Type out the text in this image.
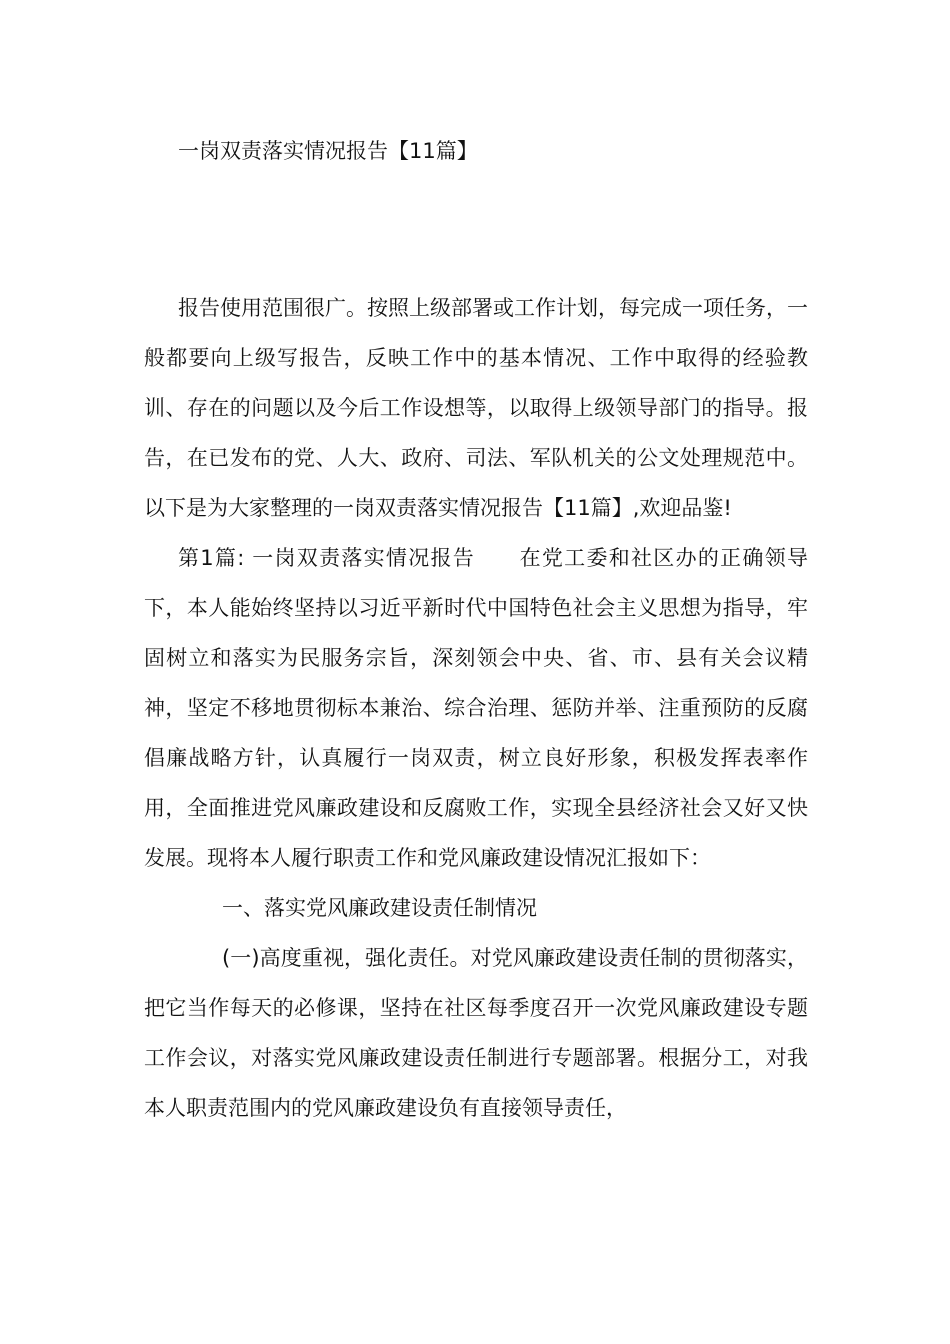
一岗双责落实情况报告【11篇】

报告使用范围很广。按照上级部署或工作计划，每完成一项任务，一般都要向上级写报告，反映工作中的基本情况、工作中取得的经验教训、存在的问题以及今后工作设想等，以取得上级领导部门的指导。报告，在已发布的党、人大、政府、司法、军队机关的公文处理规范中。以下是为大家整理的一岗双责落实情况报告【11篇】,欢迎品鉴!

第1篇: 一岗双责落实情况报告　　在党工委和社区办的正确领导下，本人能始终坚持以习近平新时代中国特色社会主义思想为指导，牢固树立和落实为民服务宗旨，深刻领会中央、省、市、县有关会议精神，坚定不移地贯彻标本兼治、综合治理、惩防并举、注重预防的反腐倡廉战略方针，认真履行一岗双责，树立良好形象，积极发挥表率作用，全面推进党风廉政建设和反腐败工作，实现全县经济社会又好又快发展。现将本人履行职责工作和党风廉政建设情况汇报如下：

一、落实党风廉政建设责任制情况

(一)高度重视，强化责任。对党风廉政建设责任制的贯彻落实，把它当作每天的必修课，坚持在社区每季度召开一次党风廉政建设专题工作会议，对落实党风廉政建设责任制进行专题部署。根据分工，对我本人职责范围内的党风廉政建设负有直接领导责任，
